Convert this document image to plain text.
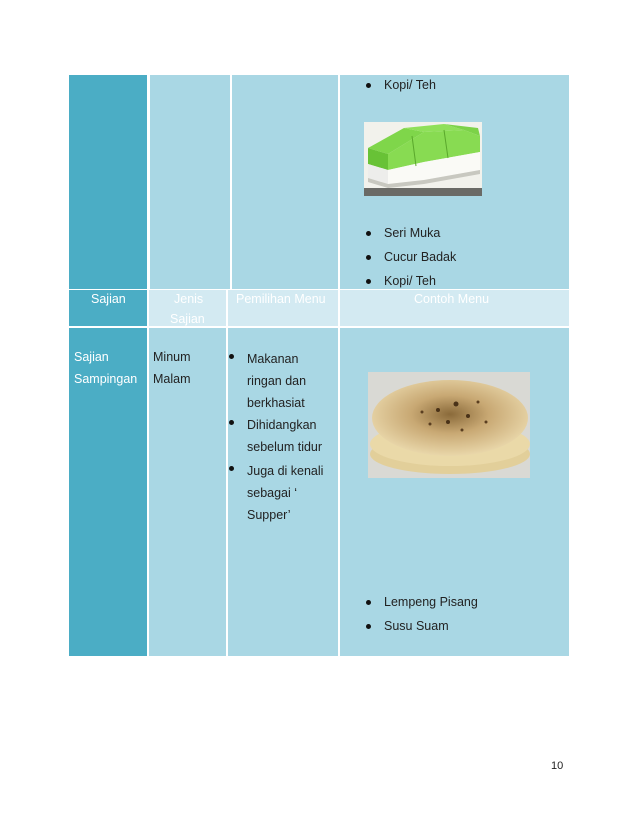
Kopi/ Teh
Seri Muka
Cucur Badak
Kopi/ Teh
Sajian	Jenis
Sajian
Pemilihan Menu	Contoh Menu
Sajian
Sampingan
Minum
Malam
Makanan
ringan dan
berkhasiat
Dihidangkan
sebelum tidur
Juga di kenali
sebagai ‘
Supper’
Lempeng Pisang
Susu Suam
10
